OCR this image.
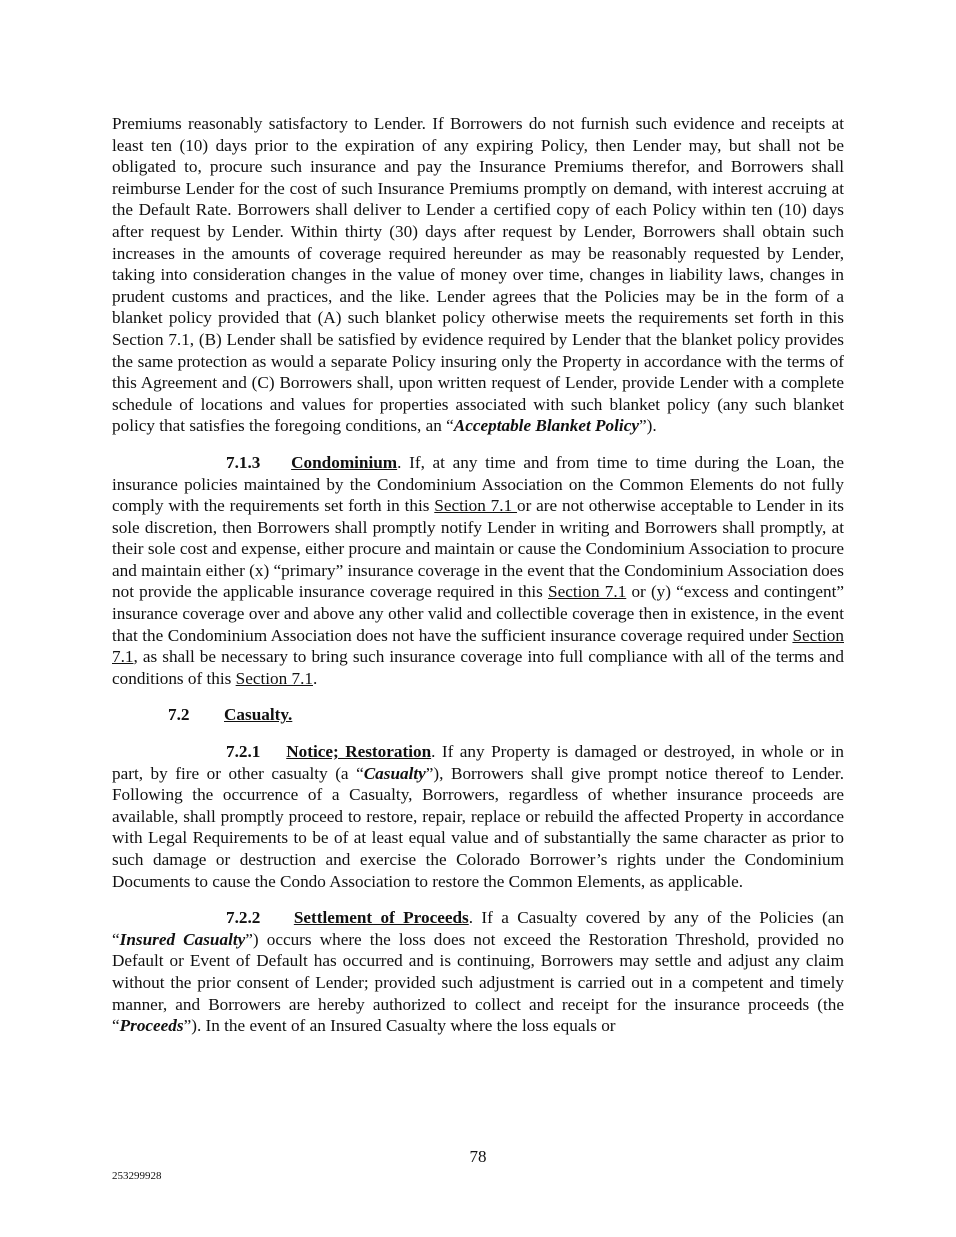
Premiums reasonably satisfactory to Lender. If Borrowers do not furnish such evidence and receipts at least ten (10) days prior to the expiration of any expiring Policy, then Lender may, but shall not be obligated to, procure such insurance and pay the Insurance Premiums therefor, and Borrowers shall reimburse Lender for the cost of such Insurance Premiums promptly on demand, with interest accruing at the Default Rate. Borrowers shall deliver to Lender a certified copy of each Policy within ten (10) days after request by Lender. Within thirty (30) days after request by Lender, Borrowers shall obtain such increases in the amounts of coverage required hereunder as may be reasonably requested by Lender, taking into consideration changes in the value of money over time, changes in liability laws, changes in prudent customs and practices, and the like. Lender agrees that the Policies may be in the form of a blanket policy provided that (A) such blanket policy otherwise meets the requirements set forth in this Section 7.1, (B) Lender shall be satisfied by evidence required by Lender that the blanket policy provides the same protection as would a separate Policy insuring only the Property in accordance with the terms of this Agreement and (C) Borrowers shall, upon written request of Lender, provide Lender with a complete schedule of locations and values for properties associated with such blanket policy (any such blanket policy that satisfies the foregoing conditions, an “Acceptable Blanket Policy”).

7.1.3 Condominium. If, at any time and from time to time during the Loan, the insurance policies maintained by the Condominium Association on the Common Elements do not fully comply with the requirements set forth in this Section 7.1 or are not otherwise acceptable to Lender in its sole discretion, then Borrowers shall promptly notify Lender in writing and Borrowers shall promptly, at their sole cost and expense, either procure and maintain or cause the Condominium Association to procure and maintain either (x) “primary” insurance coverage in the event that the Condominium Association does not provide the applicable insurance coverage required in this Section 7.1 or (y) “excess and contingent” insurance coverage over and above any other valid and collectible coverage then in existence, in the event that the Condominium Association does not have the sufficient insurance coverage required under Section 7.1, as shall be necessary to bring such insurance coverage into full compliance with all of the terms and conditions of this Section 7.1.

7.2 Casualty.

7.2.1 Notice; Restoration. If any Property is damaged or destroyed, in whole or in part, by fire or other casualty (a “Casualty”), Borrowers shall give prompt notice thereof to Lender. Following the occurrence of a Casualty, Borrowers, regardless of whether insurance proceeds are available, shall promptly proceed to restore, repair, replace or rebuild the affected Property in accordance with Legal Requirements to be of at least equal value and of substantially the same character as prior to such damage or destruction and exercise the Colorado Borrower’s rights under the Condominium Documents to cause the Condo Association to restore the Common Elements, as applicable.

7.2.2 Settlement of Proceeds. If a Casualty covered by any of the Policies (an “Insured Casualty”) occurs where the loss does not exceed the Restoration Threshold, provided no Default or Event of Default has occurred and is continuing, Borrowers may settle and adjust any claim without the prior consent of Lender; provided such adjustment is carried out in a competent and timely manner, and Borrowers are hereby authorized to collect and receipt for the insurance proceeds (the “Proceeds”). In the event of an Insured Casualty where the loss equals or

78
253299928
